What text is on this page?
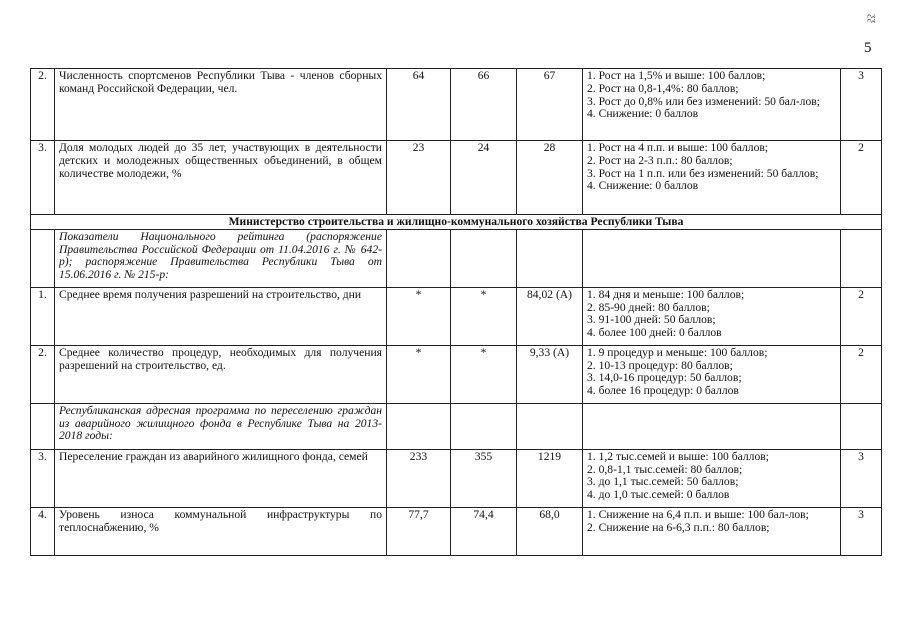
ƺƺ
5
2.	Численность спортсменов Республики Тыва - членов сборных команд Российской Федерации, чел.	64	66	67	1. Рост на 1,5% и выше: 100 баллов;
2. Рост на 0,8-1,4%: 80 баллов;
3. Рост до 0,8% или без изменений: 50 бал-лов;
4. Снижение: 0 баллов	3
3.	Доля молодых людей до 35 лет, участвующих в деятельности детских и молодежных общественных объединений, в общем количестве молодежи, %	23	24	28	1. Рост на 4 п.п. и выше: 100 баллов;
2. Рост на 2-3 п.п.: 80 баллов;
3. Рост на 1 п.п. или без изменений: 50 баллов;
4. Снижение: 0 баллов	2
Министерство строительства и жилищно-коммунального хозяйства Республики Тыва						
	Показатели Национального рейтинга (распоряжение Правительства Российской Федерации от 11.04.2016 г. № 642-р); распоряжение Правительства Республики Тыва от 15.06.2016 г. № 215-р:					
1.	Среднее время получения разрешений на строительство, дни	*	*	84,02 (А)	1. 84 дня и меньше: 100 баллов;
2. 85-90 дней: 80 баллов;
3. 91-100 дней: 50 баллов;
4. более 100 дней: 0 баллов	2
2.	Среднее количество процедур, необходимых для получения разрешений на строительство, ед.	*	*	9,33 (А)	1. 9 процедур и меньше: 100 баллов;
2. 10-13 процедур: 80 баллов;
3. 14,0-16 процедур: 50 баллов;
4. более 16 процедур: 0 баллов	2
	Республиканская адресная программа по переселению граждан из аварийного жилищного фонда в Республике Тыва на 2013-2018 годы:					
3.	Переселение граждан из аварийного жилищного фонда, семей	233	355	1219	1. 1,2 тыс.семей и выше: 100 баллов;
2. 0,8-1,1 тыс.семей: 80 баллов;
3. до 1,1 тыс.семей: 50 баллов;
4. до 1,0 тыс.семей: 0 баллов	3
4.	Уровень износа коммунальной инфраструктуры по теплоснабжению, %	77,7	74,4	68,0	1. Снижение на 6,4 п.п. и выше: 100 бал-лов;
2. Снижение на 6-6,3 п.п.: 80 баллов;	3
